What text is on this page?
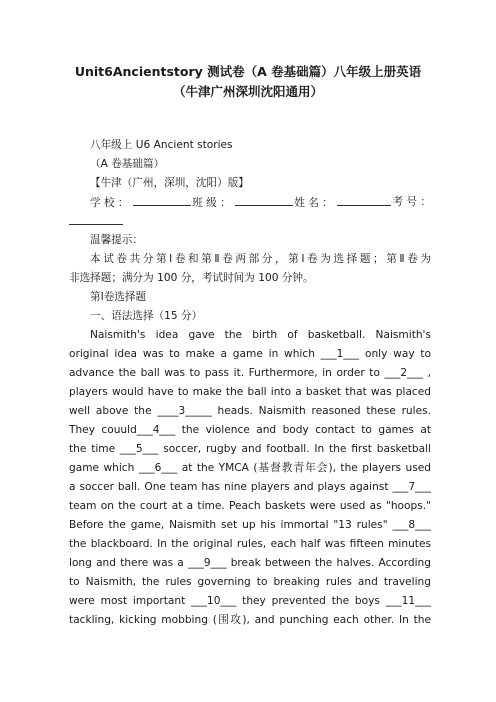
Unit6Ancientstory 测试卷（A 卷基础篇）八年级上册英语
（牛津广州深圳沈阳通用）
八年级上 U6 Ancient stories
（A 卷基础篇）
【牛津（广州，深圳，沈阳）版】
学 校 ：	班 级 ：	姓 名 ：	考 号 ：
温馨提示：
本试卷共分第Ⅰ卷和第Ⅱ卷两部分，第Ⅰ卷为选择题；第Ⅱ卷为
非选择题；满分为 100 分，考试时间为 100 分钟。
第Ⅰ卷选择题
一、语法选择（15 分）
Naismith's idea gave the birth of basketball. Naismith's
original idea was to make a game in which ___1___ only way to
advance the ball was to pass it. Furthermore, in order to ___2___ ,
players would have to make the ball into a basket that was placed
well above the ____3_____ heads. Naismith reasoned these rules.
They couuld___4___ the violence and body contact to games at
the time ___5___ soccer, rugby and football. In the first basketball
game which ___6___ at the YMCA (基督教青年会), the players used
a soccer ball. One team has nine players and plays against ___7___
team on the court at a time. Peach baskets were used as "hoops."
Before the game, Naismith set up his immortal "13 rules" ___8___
the blackboard. In the original rules, each half was fifteen minutes
long and there was a ___9___ break between the halves. According
to Naismith, the rules governing to breaking rules and traveling
were most important ___10___ they prevented the boys ___11___
tackling, kicking mobbing (围攻), and punching each other. In the
